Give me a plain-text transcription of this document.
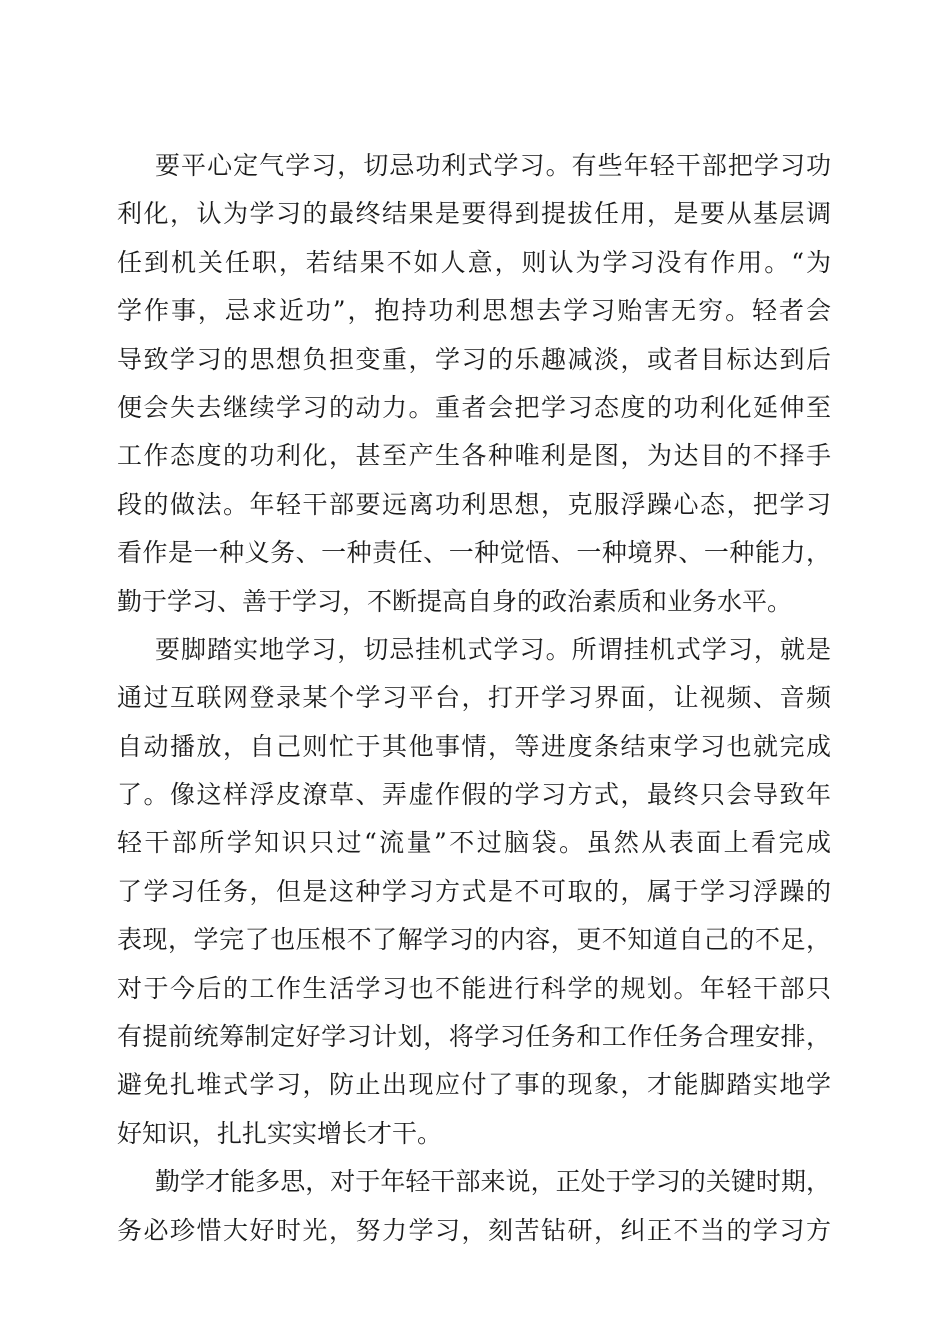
要平心定气学习，切忌功利式学习。有些年轻干部把学习功
利化，认为学习的最终结果是要得到提拔任用，是要从基层调
任到机关任职，若结果不如人意，则认为学习没有作用。“为
学作事，忌求近功”，抱持功利思想去学习贻害无穷。轻者会
导致学习的思想负担变重，学习的乐趣减淡，或者目标达到后
便会失去继续学习的动力。重者会把学习态度的功利化延伸至
工作态度的功利化，甚至产生各种唯利是图，为达目的不择手
段的做法。年轻干部要远离功利思想，克服浮躁心态，把学习
看作是一种义务、一种责任、一种觉悟、一种境界、一种能力，
勤于学习、善于学习，不断提高自身的政治素质和业务水平。
要脚踏实地学习，切忌挂机式学习。所谓挂机式学习，就是
通过互联网登录某个学习平台，打开学习界面，让视频、音频
自动播放，自己则忙于其他事情，等进度条结束学习也就完成
了。像这样浮皮潦草、弄虚作假的学习方式，最终只会导致年
轻干部所学知识只过“流量”不过脑袋。虽然从表面上看完成
了学习任务，但是这种学习方式是不可取的，属于学习浮躁的
表现，学完了也压根不了解学习的内容，更不知道自己的不足，
对于今后的工作生活学习也不能进行科学的规划。年轻干部只
有提前统筹制定好学习计划，将学习任务和工作任务合理安排，
避免扎堆式学习，防止出现应付了事的现象，才能脚踏实地学
好知识，扎扎实实增长才干。
勤学才能多思，对于年轻干部来说，正处于学习的关键时期，
务必珍惜大好时光，努力学习，刻苦钻研，纠正不当的学习方
